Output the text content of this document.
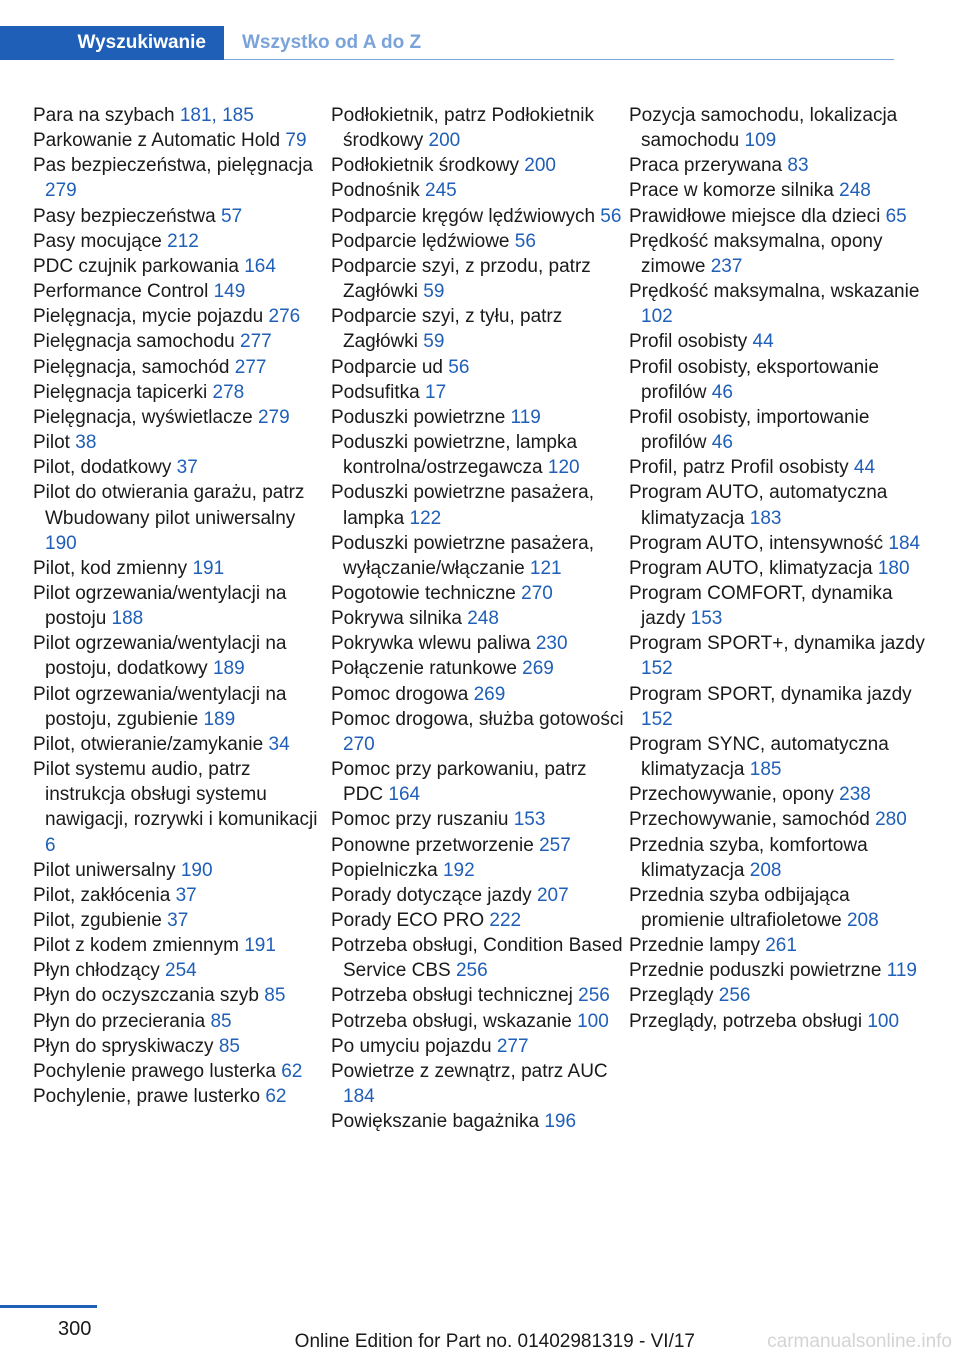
Wyszukiwanie	Wszystko od A do Z
Para na szybach 181, 185
Parkowanie z Automatic Hold 79
Pas bezpieczeństwa, pielęgnacja 279
Pasy bezpieczeństwa 57
Pasy mocujące 212
PDC czujnik parkowania 164
Performance Control 149
Pielęgnacja, mycie pojazdu 276
Pielęgnacja samochodu 277
Pielęgnacja, samochód 277
Pielęgnacja tapicerki 278
Pielęgnacja, wyświetlacze 279
Pilot 38
Pilot, dodatkowy 37
Pilot do otwierania garażu, patrz Wbudowany pilot uniwersalny 190
Pilot, kod zmienny 191
Pilot ogrzewania/wentylacji na postoju 188
Pilot ogrzewania/wentylacji na postoju, dodatkowy 189
Pilot ogrzewania/wentylacji na postoju, zgubienie 189
Pilot, otwieranie/zamykanie 34
Pilot systemu audio, patrz instrukcja obsługi systemu nawigacji, rozrywki i komunikacji 6
Pilot uniwersalny 190
Pilot, zakłócenia 37
Pilot, zgubienie 37
Pilot z kodem zmiennym 191
Płyn chłodzący 254
Płyn do oczyszczania szyb 85
Płyn do przecierania 85
Płyn do spryskiwaczy 85
Pochylenie prawego lusterka 62
Pochylenie, prawe lusterko 62
Podłokietnik, patrz Podłokietnik środkowy 200
Podłokietnik środkowy 200
Podnośnik 245
Podparcie kręgów lędźwiowych 56
Podparcie lędźwiowe 56
Podparcie szyi, z przodu, patrz Zagłówki 59
Podparcie szyi, z tyłu, patrz Zagłówki 59
Podparcie ud 56
Podsufitka 17
Poduszki powietrzne 119
Poduszki powietrzne, lampka kontrolna/ostrzegawcza 120
Poduszki powietrzne pasażera, lampka 122
Poduszki powietrzne pasażera, wyłączanie/włączanie 121
Pogotowie techniczne 270
Pokrywa silnika 248
Pokrywka wlewu paliwa 230
Połączenie ratunkowe 269
Pomoc drogowa 269
Pomoc drogowa, służba gotowości 270
Pomoc przy parkowaniu, patrz PDC 164
Pomoc przy ruszaniu 153
Ponowne przetworzenie 257
Popielniczka 192
Porady dotyczące jazdy 207
Porady ECO PRO 222
Potrzeba obsługi, Condition Based Service CBS 256
Potrzeba obsługi technicznej 256
Potrzeba obsługi, wskazanie 100
Po umyciu pojazdu 277
Powietrze z zewnątrz, patrz AUC 184
Powiększanie bagażnika 196
Pozycja samochodu, lokalizacja samochodu 109
Praca przerywana 83
Prace w komorze silnika 248
Prawidłowe miejsce dla dzieci 65
Prędkość maksymalna, opony zimowe 237
Prędkość maksymalna, wskazanie 102
Profil osobisty 44
Profil osobisty, eksportowanie profilów 46
Profil osobisty, importowanie profilów 46
Profil, patrz Profil osobisty 44
Program AUTO, automatyczna klimatyzacja 183
Program AUTO, intensywność 184
Program AUTO, klimatyzacja 180
Program COMFORT, dynamika jazdy 153
Program SPORT+, dynamika jazdy 152
Program SPORT, dynamika jazdy 152
Program SYNC, automatyczna klimatyzacja 185
Przechowywanie, opony 238
Przechowywanie, samochód 280
Przednia szyba, komfortowa klimatyzacja 208
Przednia szyba odbijająca promienie ultrafioletowe 208
Przednie lampy 261
Przednie poduszki powietrzne 119
Przeglądy 256
Przeglądy, potrzeba obsługi 100
300
Online Edition for Part no. 01402981319 - VI/17	carmanualsonline.info
